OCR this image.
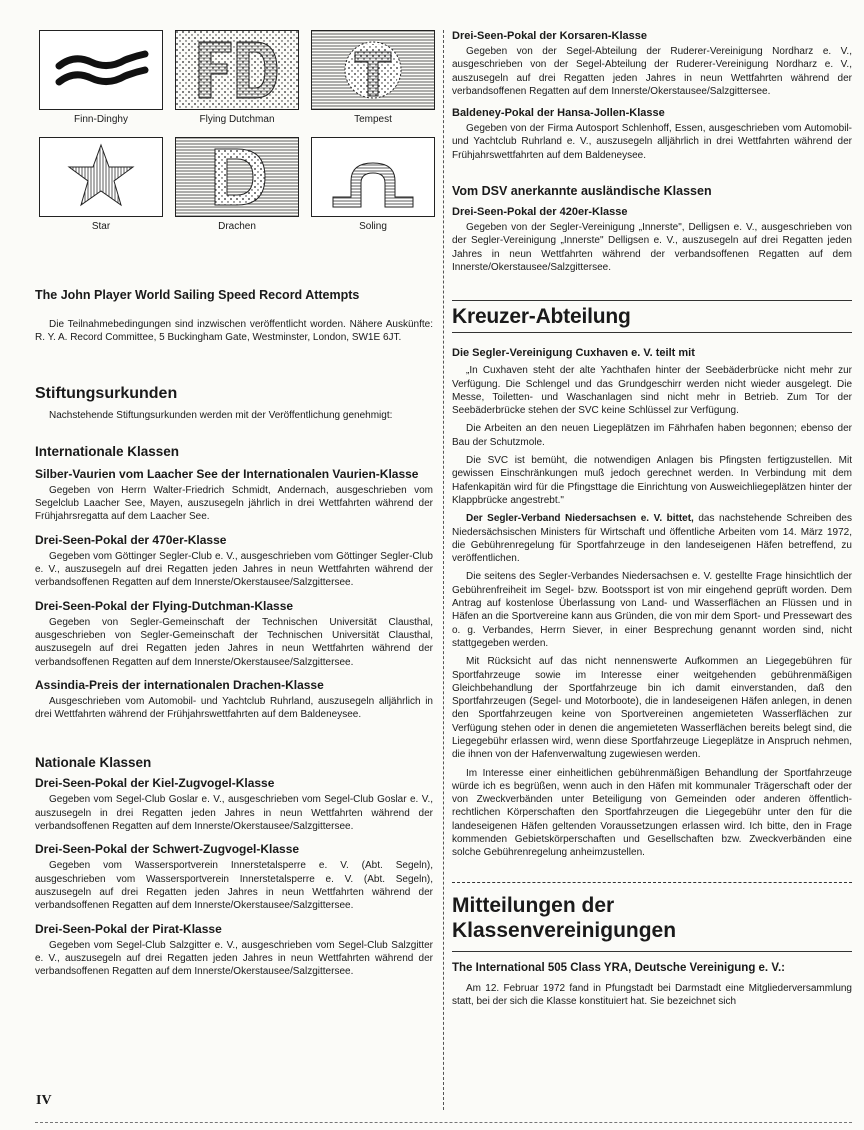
Finn-Dinghy	Flying Dutchman	Tempest
Star	Drachen	Soling
The John Player World Sailing Speed Record Attempts

Die Teilnahmebedingungen sind inzwischen veröffentlicht worden. Nähere Auskünfte: R. Y. A. Record Committee, 5 Buckingham Gate, Westminster, London, SW1E 6JT.

Stiftungsurkunden

Nachstehende Stiftungsurkunden werden mit der Veröffentlichung genehmigt:

Internationale Klassen
Silber-Vaurien vom Laacher See der Internationalen Vaurien-Klasse

Gegeben von Herrn Walter-Friedrich Schmidt, Andernach, ausgeschrieben vom Segelclub Laacher See, Mayen, auszusegeln jährlich in drei Wettfahrten während der Frühjahrsregatta auf dem Laacher See.

Drei-Seen-Pokal der 470er-Klasse

Gegeben vom Göttinger Segler-Club e. V., ausgeschrieben vom Göttinger Segler-Club e. V., auszusegeln auf drei Regatten jeden Jahres in neun Wettfahrten während der verbandsoffenen Regatten auf dem Innerste/Okerstausee/Salzgittersee.

Drei-Seen-Pokal der Flying-Dutchman-Klasse

Gegeben von Segler-Gemeinschaft der Technischen Universität Clausthal, ausgeschrieben von Segler-Gemeinschaft der Technischen Universität Clausthal, auszusegeln auf drei Regatten jeden Jahres in neun Wettfahrten während der verbandsoffenen Regatten auf dem Innerste/Okerstausee/Salzgittersee.

Assindia-Preis der internationalen Drachen-Klasse

Ausgeschrieben vom Automobil- und Yachtclub Ruhrland, auszusegeln alljährlich in drei Wettfahrten während der Frühjahrswettfahrten auf dem Baldeneysee.

Nationale Klassen
Drei-Seen-Pokal der Kiel-Zugvogel-Klasse

Gegeben vom Segel-Club Goslar e. V., ausgeschrieben vom Segel-Club Goslar e. V., auszusegeln in drei Regatten jeden Jahres in neun Wettfahrten während der verbandsoffenen Regatten auf dem Innerste/Okerstausee/Salzgittersee.

Drei-Seen-Pokal der Schwert-Zugvogel-Klasse

Gegeben vom Wassersportverein Innerstetalsperre e. V. (Abt. Segeln), ausgeschrieben vom Wassersportverein Innerstetalsperre e. V. (Abt. Segeln), auszusegeln auf drei Regatten jeden Jahres in neun Wettfahrten während der verbandsoffenen Regatten auf dem Innerste/Okerstausee/Salzgittersee.

Drei-Seen-Pokal der Pirat-Klasse

Gegeben vom Segel-Club Salzgitter e. V., ausgeschrieben vom Segel-Club Salzgitter e. V., auszusegeln auf drei Regatten jeden Jahres in neun Wettfahrten während der verbandsoffenen Regatten auf dem Innerste/Okerstausee/Salzgittersee.

Drei-Seen-Pokal der Korsaren-Klasse

Gegeben von der Segel-Abteilung der Ruderer-Vereinigung Nordharz e. V., ausgeschrieben von der Segel-Abteilung der Ruderer-Vereinigung Nordharz e. V., auszusegeln auf drei Regatten jeden Jahres in neun Wettfahrten während der verbandsoffenen Regatten auf dem Innerste/Okerstausee/Salzgittersee.

Baldeney-Pokal der Hansa-Jollen-Klasse

Gegeben von der Firma Autosport Schlenhoff, Essen, ausgeschrieben vom Automobil- und Yachtclub Ruhrland e. V., auszusegeln alljährlich in drei Wettfahrten während der Frühjahrswettfahrten auf dem Baldeneysee.

Vom DSV anerkannte ausländische Klassen
Drei-Seen-Pokal der 420er-Klasse

Gegeben von der Segler-Vereinigung „Innerste", Delligsen e. V., ausgeschrieben von der Segler-Vereinigung „Innerste" Delligsen e. V., auszusegeln auf drei Regatten jeden Jahres in neun Wettfahrten während der verbandsoffenen Regatten auf dem Innerste/Okerstausee/Salzgittersee.

Kreuzer-Abteilung
Die Segler-Vereinigung Cuxhaven e. V. teilt mit

„In Cuxhaven steht der alte Yachthafen hinter der Seebäderbrücke nicht mehr zur Verfügung. Die Schlengel und das Grundgeschirr werden nicht wieder ausgelegt. Die Messe, Toiletten- und Waschanlagen sind nicht mehr in Betrieb. Zum Tor der Seebäderbrücke stehen der SVC keine Schlüssel zur Verfügung.

Die Arbeiten an den neuen Liegeplätzen im Fährhafen haben begonnen; ebenso der Bau der Schutzmole.

Die SVC ist bemüht, die notwendigen Anlagen bis Pfingsten fertigzustellen. Mit gewissen Einschränkungen muß jedoch gerechnet werden. In Verbindung mit dem Hafenkapitän wird für die Pfingsttage die Einrichtung von Ausweichliegeplätzen hinter der Klappbrücke angestrebt."

Der Segler-Verband Niedersachsen e. V. bittet, das nachstehende Schreiben des Niedersächsischen Ministers für Wirtschaft und öffentliche Arbeiten vom 14. März 1972, die Gebührenregelung für Sportfahrzeuge in den landeseigenen Häfen betreffend, zu veröffentlichen.

Die seitens des Segler-Verbandes Niedersachsen e. V. gestellte Frage hinsichtlich der Gebührenfreiheit im Segel- bzw. Bootssport ist von mir eingehend geprüft worden. Dem Antrag auf kostenlose Überlassung von Land- und Wasserflächen an Flüssen und in Häfen an die Sportvereine kann aus Gründen, die von mir dem Sport- und Pressewart des o. g. Verbandes, Herrn Siever, in einer Besprechung genannt worden sind, nicht stattgegeben werden.

Mit Rücksicht auf das nicht nennenswerte Aufkommen an Liegegebühren für Sportfahrzeuge sowie im Interesse einer weitgehenden gebührenmäßigen Gleichbehandlung der Sportfahrzeuge bin ich damit einverstanden, daß den Sportfahrzeugen (Segel- und Motorboote), die in landeseigenen Häfen anlegen, in denen den Sportfahrzeugen keine von Sportvereinen angemieteten Wasserflächen zur Verfügung stehen oder in denen die angemieteten Wasserflächen bereits belegt sind, die Liegegebühr erlassen wird, wenn diese Sportfahrzeuge Liegeplätze in Anspruch nehmen, die ihnen von der Hafenverwaltung zugewiesen werden.

Im Interesse einer einheitlichen gebührenmäßigen Behandlung der Sportfahrzeuge würde ich es begrüßen, wenn auch in den Häfen mit kommunaler Trägerschaft oder der von Zweckverbänden unter Beteiligung von Gemeinden oder anderen öffentlich-rechtlichen Körperschaften den Sportfahrzeugen die Liegegebühr unter den für die landeseigenen Häfen geltenden Voraussetzungen erlassen wird. Ich bitte, den in Frage kommenden Gebietskörperschaften und Gesellschaften bzw. Zweckverbänden eine solche Gebührenregelung anheimzustellen.

Mitteilungen der
Klassenvereinigungen
The International 505 Class YRA, Deutsche Vereinigung e. V.:

Am 12. Februar 1972 fand in Pfungstadt bei Darmstadt eine Mitgliederversammlung statt, bei der sich die Klasse konstituiert hat. Sie bezeichnet sich

IV
